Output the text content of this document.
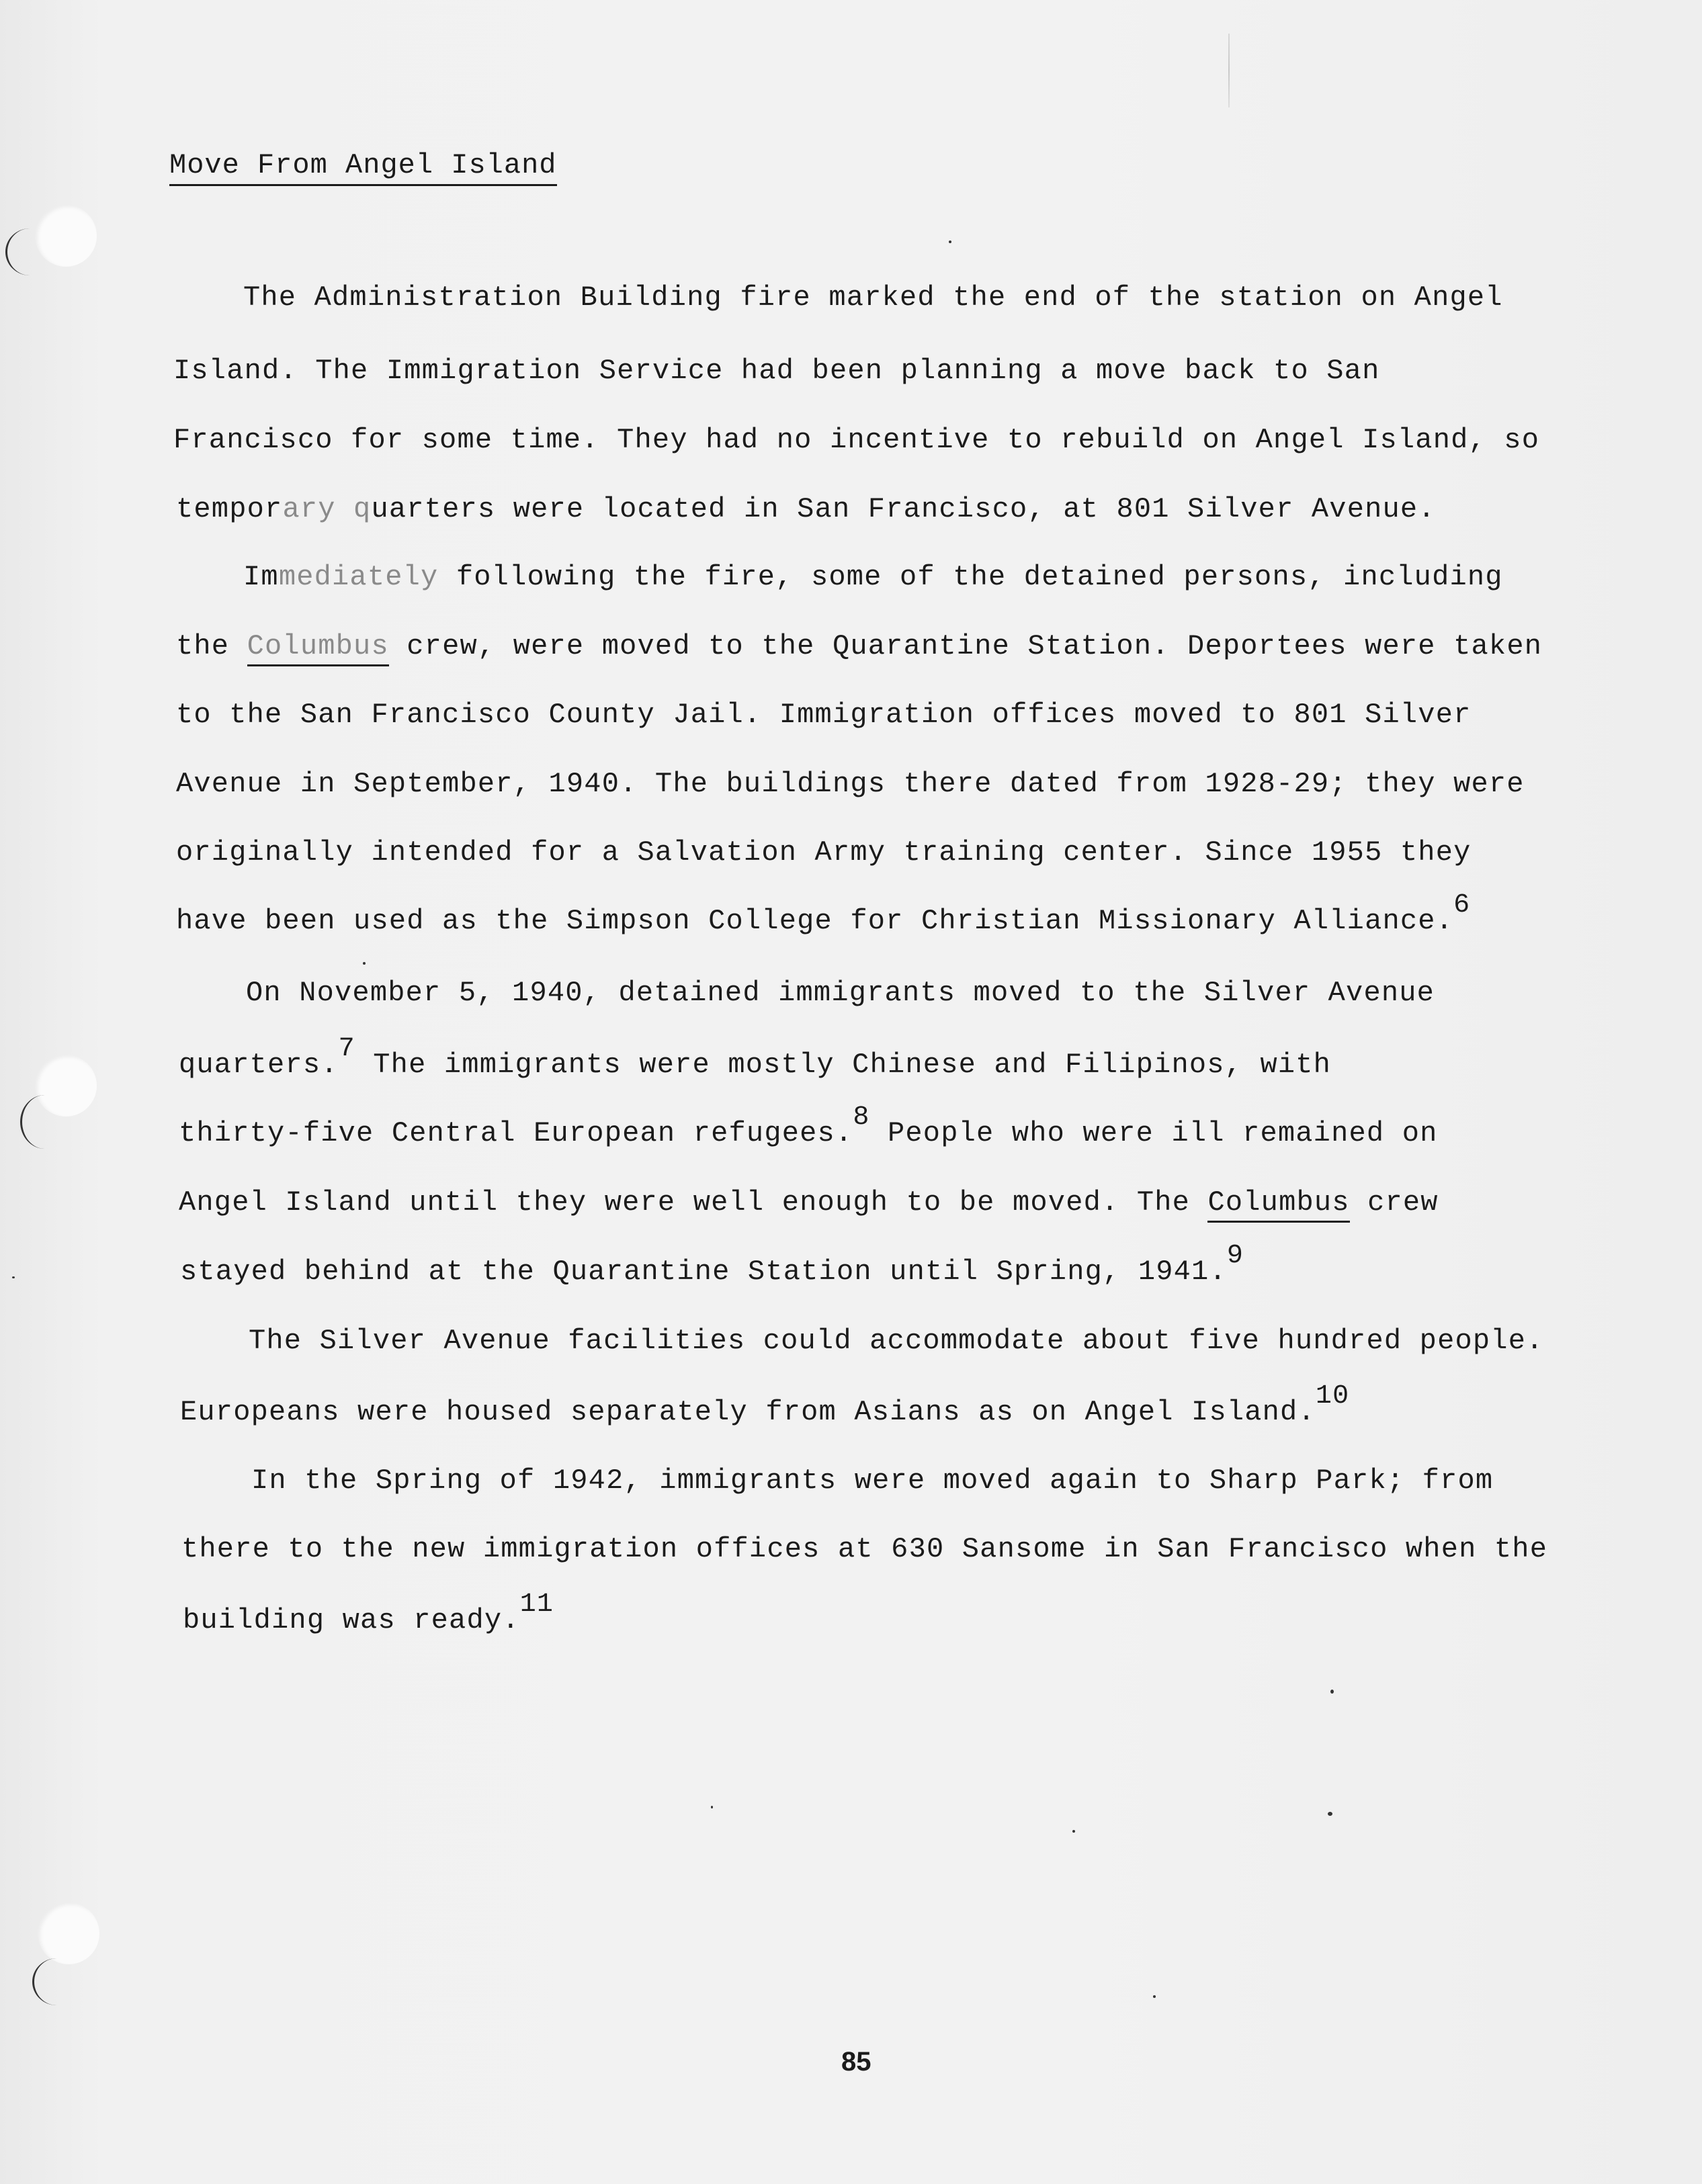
Move From Angel Island
The Administration Building fire marked the end of the station on Angel
Island. The Immigration Service had been planning a move back to San
Francisco for some time. They had no incentive to rebuild on Angel Island, so
temporary quarters were located in San Francisco, at 801 Silver Avenue.
Immediately following the fire, some of the detained persons, including
the Columbus crew, were moved to the Quarantine Station. Deportees were taken
to the San Francisco County Jail. Immigration offices moved to 801 Silver
Avenue in September, 1940. The buildings there dated from 1928-29; they were
originally intended for a Salvation Army training center. Since 1955 they
have been used as the Simpson College for Christian Missionary Alliance.$^6$
On November 5, 1940, detained immigrants moved to the Silver Avenue
quarters.$^7$ The immigrants were mostly Chinese and Filipinos, with
thirty-five Central European refugees.$^8$ People who were ill remained on
Angel Island until they were well enough to be moved. The Columbus crew
stayed behind at the Quarantine Station until Spring, 1941.$^9$
The Silver Avenue facilities could accommodate about five hundred people.
Europeans were housed separately from Asians as on Angel Island.$^{10}$
In the Spring of 1942, immigrants were moved again to Sharp Park; from
there to the new immigration offices at 630 Sansome in San Francisco when the
building was ready.$^{11}$
85
